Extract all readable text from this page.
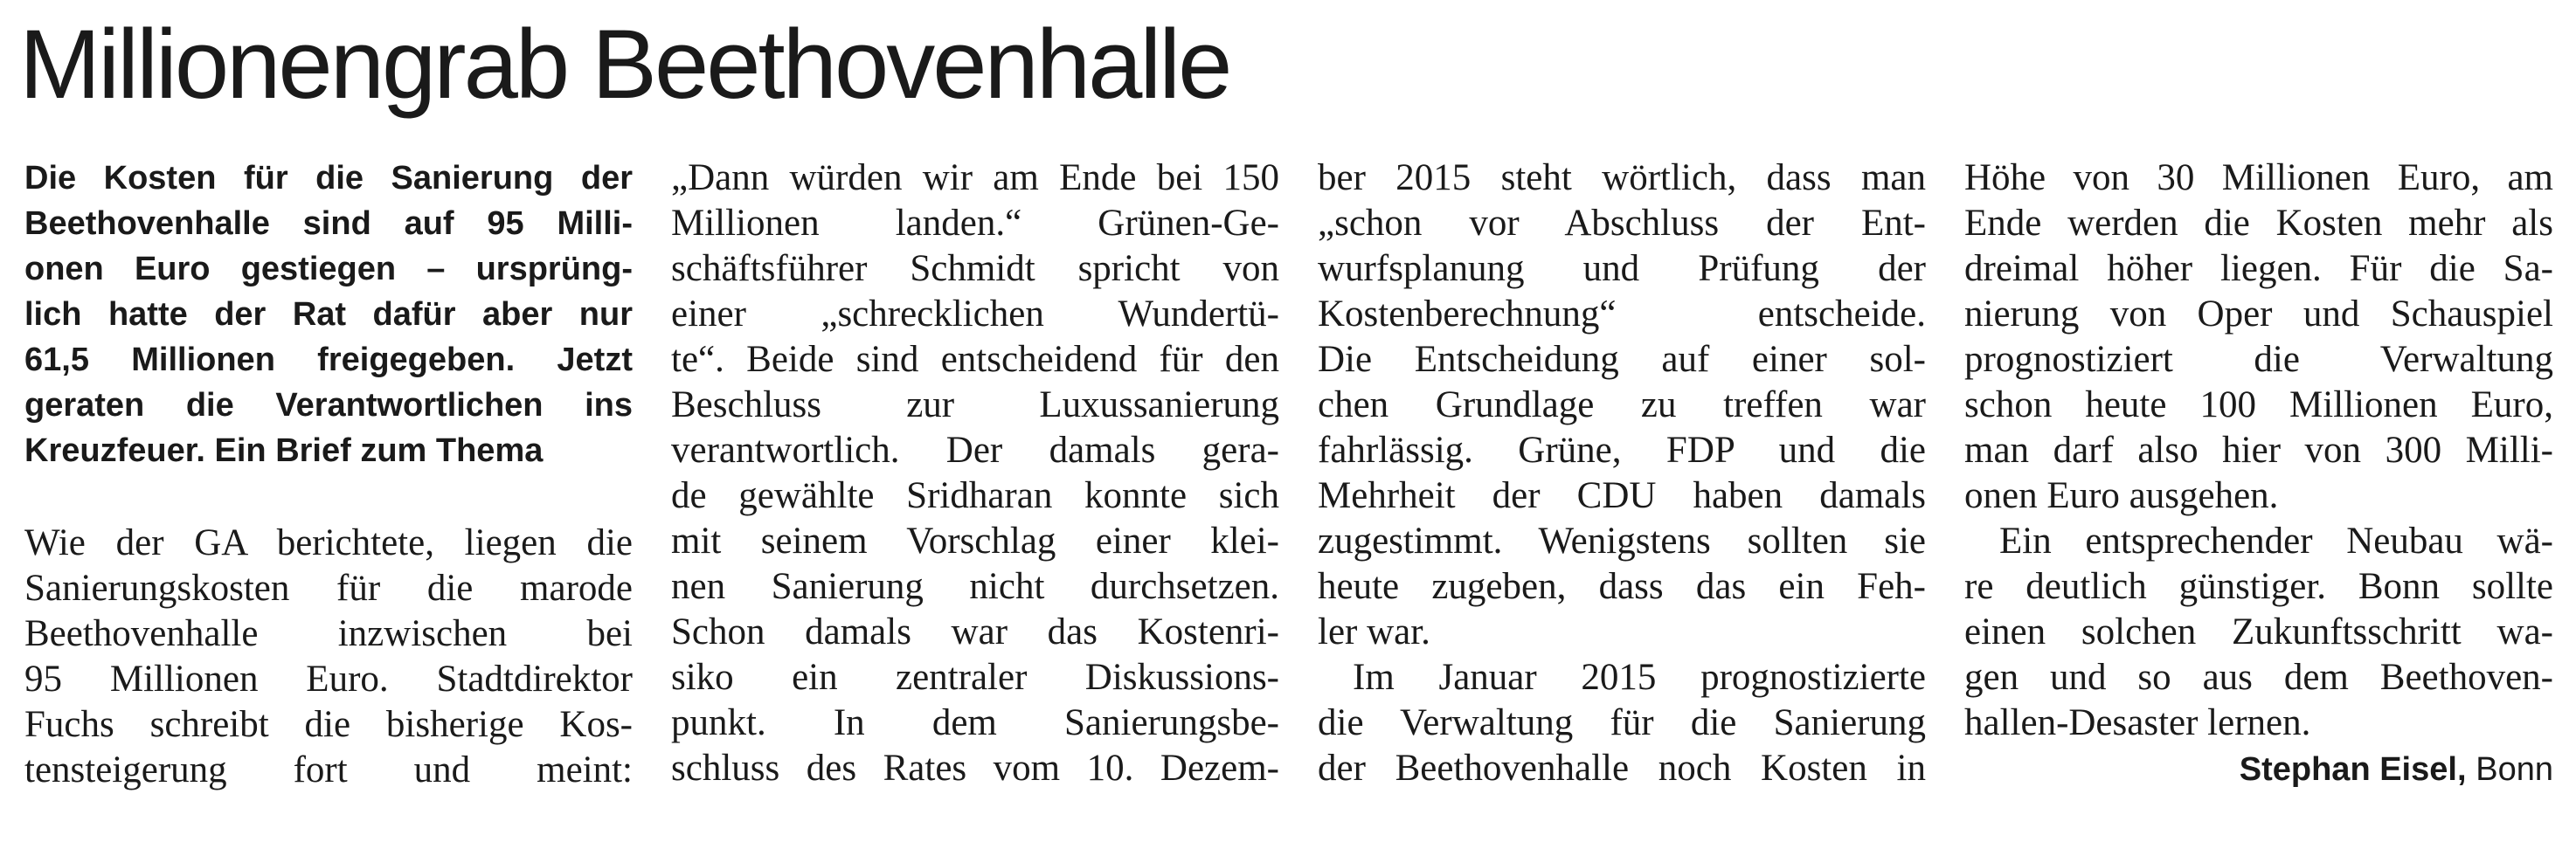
Millionengrab Beethovenhalle
Die Kosten für die Sanierung der
Beethovenhalle sind auf 95 Milli-
onen Euro gestiegen – ursprüng-
lich hatte der Rat dafür aber nur
61,5 Millionen freigegeben. Jetzt
geraten die Verantwortlichen ins
Kreuzfeuer. Ein Brief zum Thema
Wie der GA berichtete, liegen die
Sanierungskosten für die marode
Beethovenhalle inzwischen bei
95 Millionen Euro. Stadtdirektor
Fuchs schreibt die bisherige Kos-
tensteigerung fort und meint:
„Dann würden wir am Ende bei 150
Millionen landen.“ Grünen-Ge-
schäftsführer Schmidt spricht von
einer „schrecklichen Wundertü-
te“. Beide sind entscheidend für den
Beschluss zur Luxussanierung
verantwortlich. Der damals gera-
de gewählte Sridharan konnte sich
mit seinem Vorschlag einer klei-
nen Sanierung nicht durchsetzen.
Schon damals war das Kostenri-
siko ein zentraler Diskussions-
punkt. In dem Sanierungsbe-
schluss des Rates vom 10. Dezem-
ber 2015 steht wörtlich, dass man
„schon vor Abschluss der Ent-
wurfsplanung und Prüfung der
Kostenberechnung“ entscheide.
Die Entscheidung auf einer sol-
chen Grundlage zu treffen war
fahrlässig. Grüne, FDP und die
Mehrheit der CDU haben damals
zugestimmt. Wenigstens sollten sie
heute zugeben, dass das ein Feh-
ler war.
Im Januar 2015 prognostizierte
die Verwaltung für die Sanierung
der Beethovenhalle noch Kosten in
Höhe von 30 Millionen Euro, am
Ende werden die Kosten mehr als
dreimal höher liegen. Für die Sa-
nierung von Oper und Schauspiel
prognostiziert die Verwaltung
schon heute 100 Millionen Euro,
man darf also hier von 300 Milli-
onen Euro ausgehen.
Ein entsprechender Neubau wä-
re deutlich günstiger. Bonn sollte
einen solchen Zukunftsschritt wa-
gen und so aus dem Beethoven-
hallen-Desaster lernen.
Stephan Eisel, Bonn
